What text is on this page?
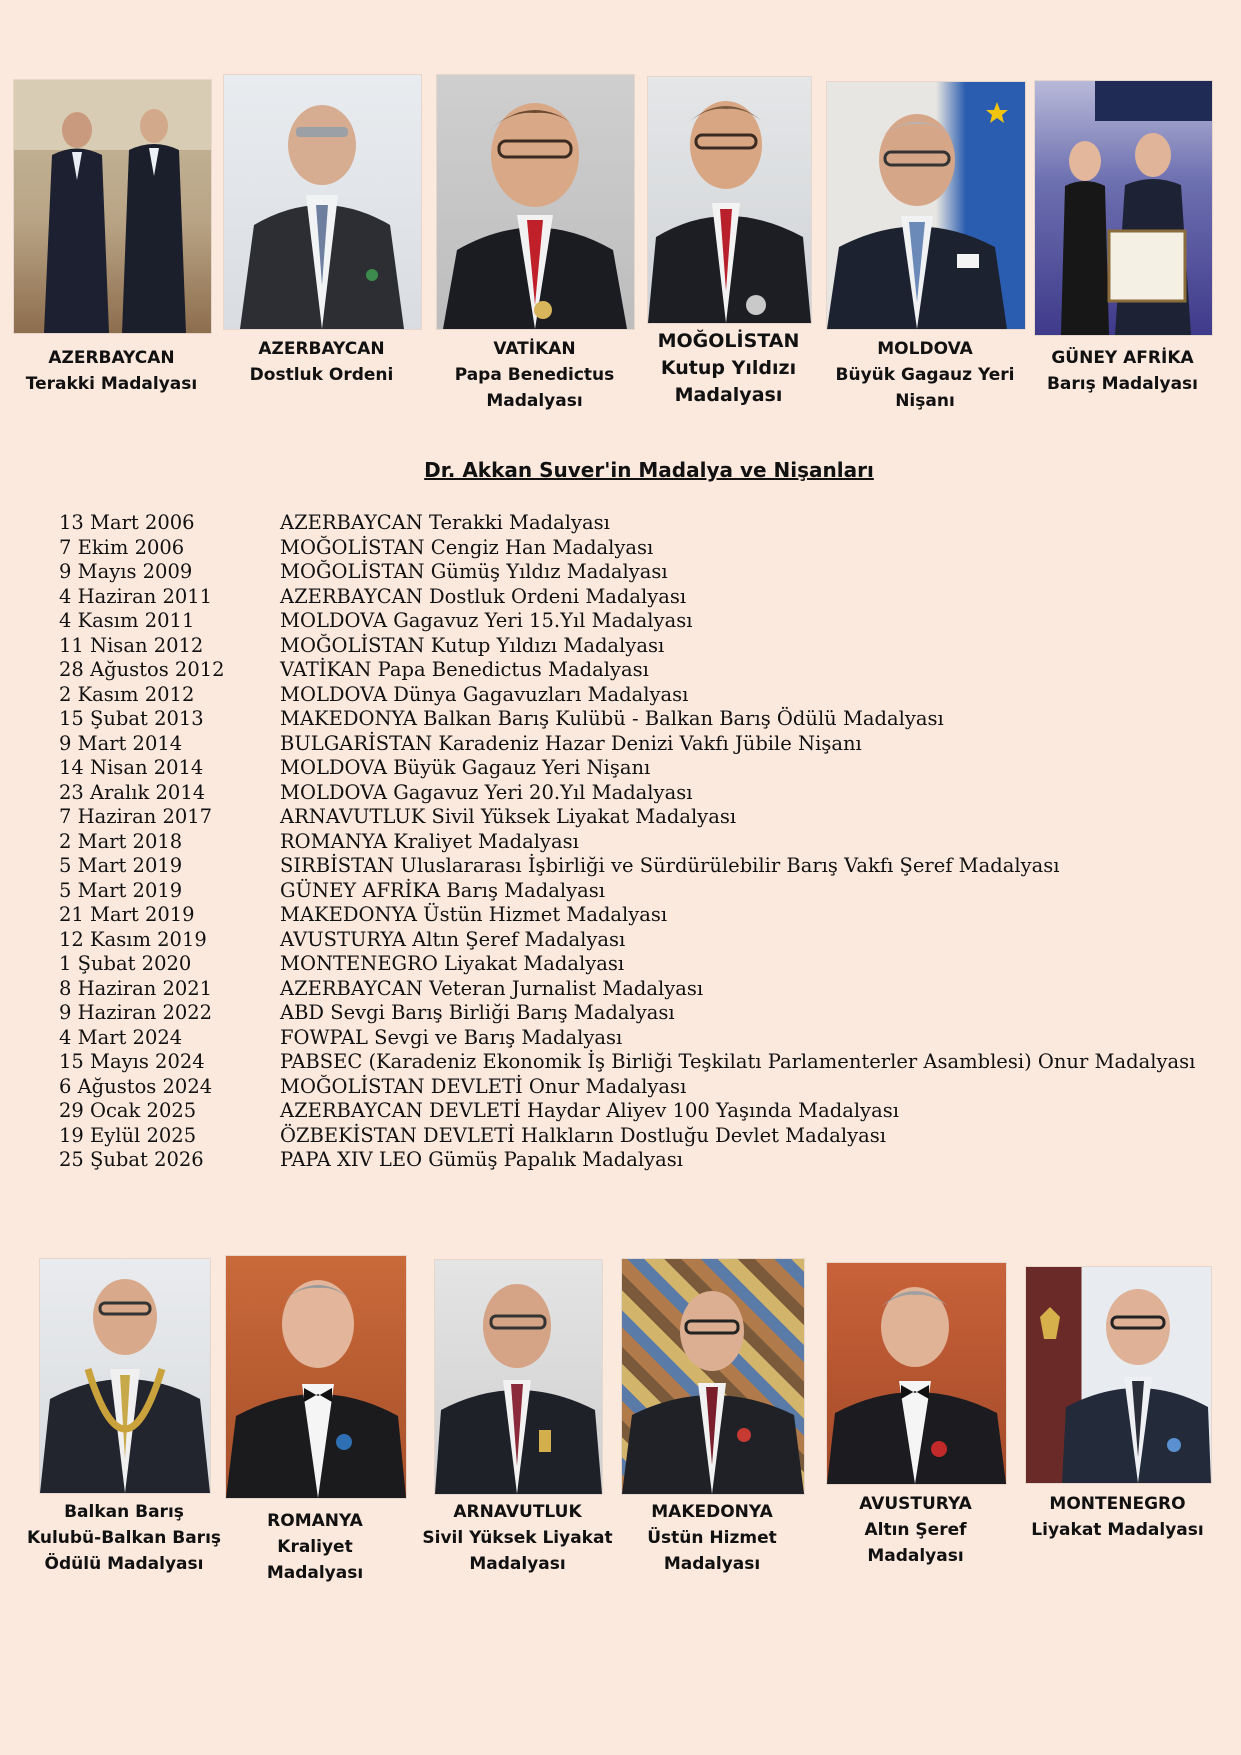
AZERBAYCAN
Terakki Madalyası
AZERBAYCAN
Dostluk Ordeni
VATİKAN
Papa Benedictus
Madalyası
MOĞOLİSTAN
Kutup Yıldızı
Madalyası
MOLDOVA
Büyük Gagauz Yeri
Nişanı
GÜNEY AFRİKA
Barış Madalyası
Dr. Akkan Suver'in Madalya ve Nişanları
13 Mart 2006	AZERBAYCAN Terakki Madalyası
7 Ekim 2006	MOĞOLİSTAN Cengiz Han Madalyası
9 Mayıs 2009	MOĞOLİSTAN Gümüş Yıldız Madalyası
4 Haziran 2011	AZERBAYCAN Dostluk Ordeni Madalyası
4 Kasım 2011	MOLDOVA Gagavuz Yeri 15.Yıl Madalyası
11 Nisan 2012	MOĞOLİSTAN Kutup Yıldızı Madalyası
28 Ağustos 2012	VATİKAN Papa Benedictus Madalyası
2 Kasım 2012	MOLDOVA Dünya Gagavuzları Madalyası
15 Şubat 2013	MAKEDONYA Balkan Barış Kulübü - Balkan Barış Ödülü Madalyası
9 Mart 2014	BULGARİSTAN Karadeniz Hazar Denizi Vakfı Jübile Nişanı
14 Nisan 2014	MOLDOVA Büyük Gagauz Yeri Nişanı
23 Aralık 2014	MOLDOVA Gagavuz Yeri 20.Yıl Madalyası
7 Haziran 2017	ARNAVUTLUK Sivil Yüksek Liyakat Madalyası
2 Mart 2018	ROMANYA Kraliyet Madalyası
5 Mart 2019	SIRBİSTAN Uluslararası İşbirliği ve Sürdürülebilir Barış Vakfı Şeref Madalyası
5 Mart 2019	GÜNEY AFRİKA Barış Madalyası
21 Mart 2019	MAKEDONYA Üstün Hizmet Madalyası
12 Kasım 2019	AVUSTURYA Altın Şeref Madalyası
1 Şubat 2020	MONTENEGRO Liyakat Madalyası
8 Haziran 2021	AZERBAYCAN Veteran Jurnalist Madalyası
9 Haziran 2022	ABD Sevgi Barış Birliği Barış Madalyası
4 Mart 2024	FOWPAL Sevgi ve Barış Madalyası
15 Mayıs 2024	PABSEC (Karadeniz Ekonomik İş Birliği Teşkilatı Parlamenterler Asamblesi) Onur Madalyası
6 Ağustos 2024	MOĞOLİSTAN DEVLETİ Onur Madalyası
29 Ocak 2025	AZERBAYCAN DEVLETİ Haydar Aliyev 100 Yaşında Madalyası
19 Eylül 2025	ÖZBEKİSTAN DEVLETİ Halkların Dostluğu Devlet Madalyası
25 Şubat 2026	PAPA XIV LEO Gümüş Papalık Madalyası
Balkan Barış
Kulubü-Balkan Barış
Ödülü Madalyası
ROMANYA
Kraliyet
Madalyası
ARNAVUTLUK
Sivil Yüksek Liyakat
Madalyası
MAKEDONYA
Üstün Hizmet
Madalyası
AVUSTURYA
Altın Şeref
Madalyası
MONTENEGRO
Liyakat Madalyası
